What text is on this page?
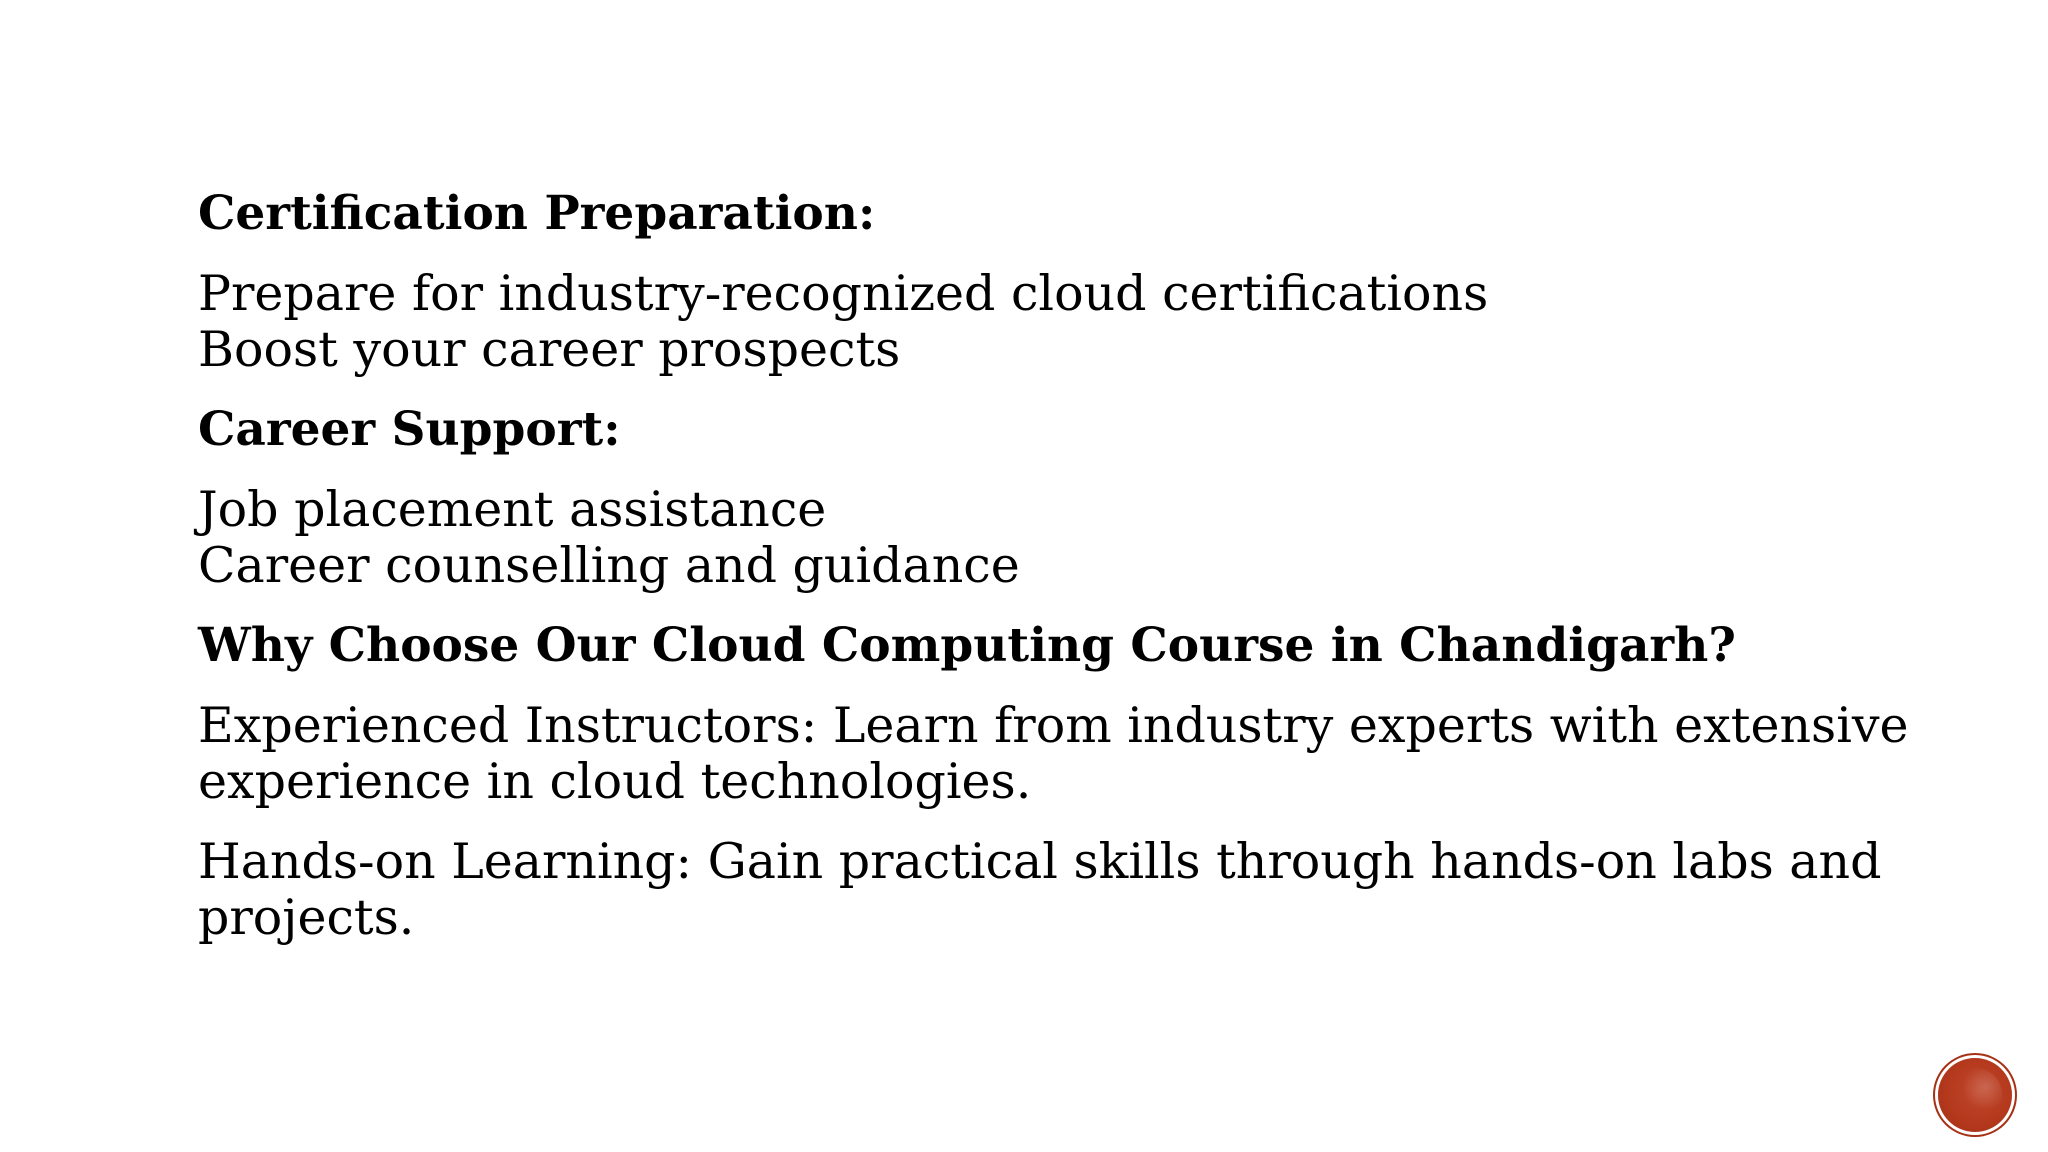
Certification Preparation:

Prepare for industry-recognized cloud certifications

Boost your career prospects

Career Support:

Job placement assistance

Career counselling and guidance

Why Choose Our Cloud Computing Course in Chandigarh?

Experienced Instructors: Learn from industry experts with extensive

experience in cloud technologies.

Hands-on Learning: Gain practical skills through hands-on labs and

projects.
